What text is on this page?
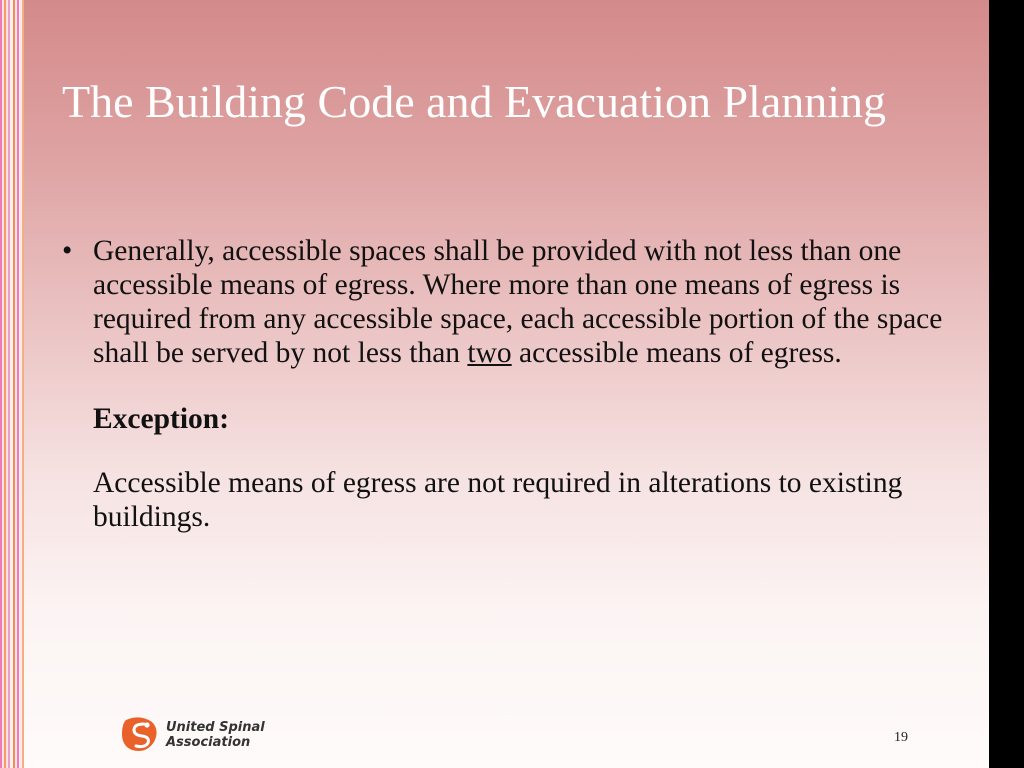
The Building Code and Evacuation Planning
• Generally, accessible spaces shall be provided with not less than one accessible means of egress. Where more than one means of egress is required from any accessible space, each accessible portion of the space shall be served by not less than two accessible means of egress.

Exception:

Accessible means of egress are not required in alterations to existing buildings.

United Spinal
Association	19
